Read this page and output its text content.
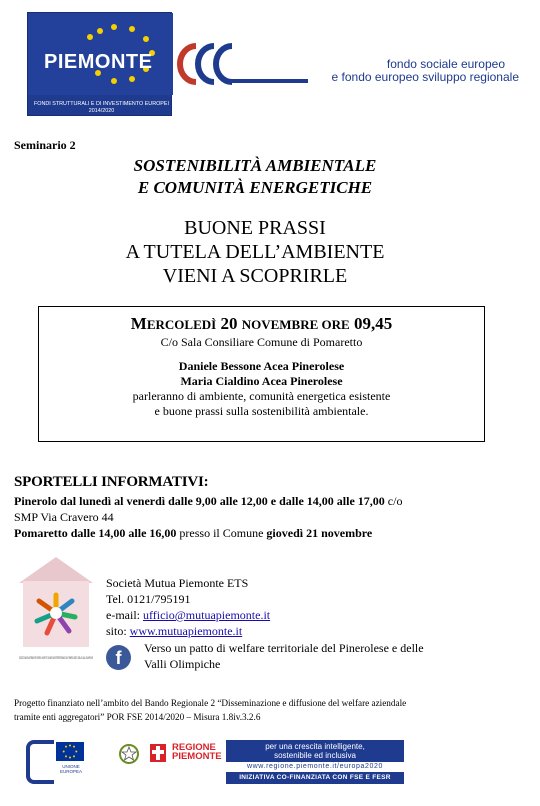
PIEMONTE
FONDI STRUTTURALI E DI INVESTIMENTO EUROPEI 2014/2020
fondo sociale europeo
e fondo europeo sviluppo regionale
Seminario 2
SOSTENIBILITÀ AMBIENTALE
E COMUNITÀ ENERGETICHE
BUONE PRASSI
A TUTELA DELL’AMBIENTE
VIENI A SCOPRIRLE
MERCOLEDÌ 20 NOVEMBRE ORE 09,45
C/o Sala Consiliare Comune di Pomaretto
Daniele Bessone Acea Pinerolese
Maria Cialdino Acea Pinerolese
parleranno di ambiente, comunità energetica esistente
e buone prassi sulla sostenibilità ambientale.
SPORTELLI INFORMATIVI:
Pinerolo dal lunedì al venerdì dalle 9,00 alle 12,00 e dalle 14,00 alle 17,00 c/o
SMP Via Cravero 44
Pomaretto dalle 14,00 alle 16,00 presso il Comune giovedì 21 novembre
SOCIETÀ MUTUA PIEMONTE VERSO UN PATTO DI WELFARE TERRITORIALE DEL PINEROLESE E DELLE VALLI OLIMPICHE
Società Mutua Piemonte ETS
Tel. 0121/795191
e-mail: ufficio@mutuapiemonte.it
sito: www.mutuapiemonte.it
f	Verso un patto di welfare territoriale del Pinerolese e delle
Valli Olimpiche
Progetto finanziato nell’ambito del Bando Regionale 2 “Disseminazione e diffusione del welfare aziendale
tramite enti aggregatori” POR FSE 2014/2020 – Misura 1.8iv.3.2.6
UNIONE EUROPEA
REGIONE
PIEMONTE
per una crescita intelligente,
sostenibile ed inclusiva
www.regione.piemonte.it/europa2020
INIZIATIVA CO-FINANZIATA CON FSE E FESR
